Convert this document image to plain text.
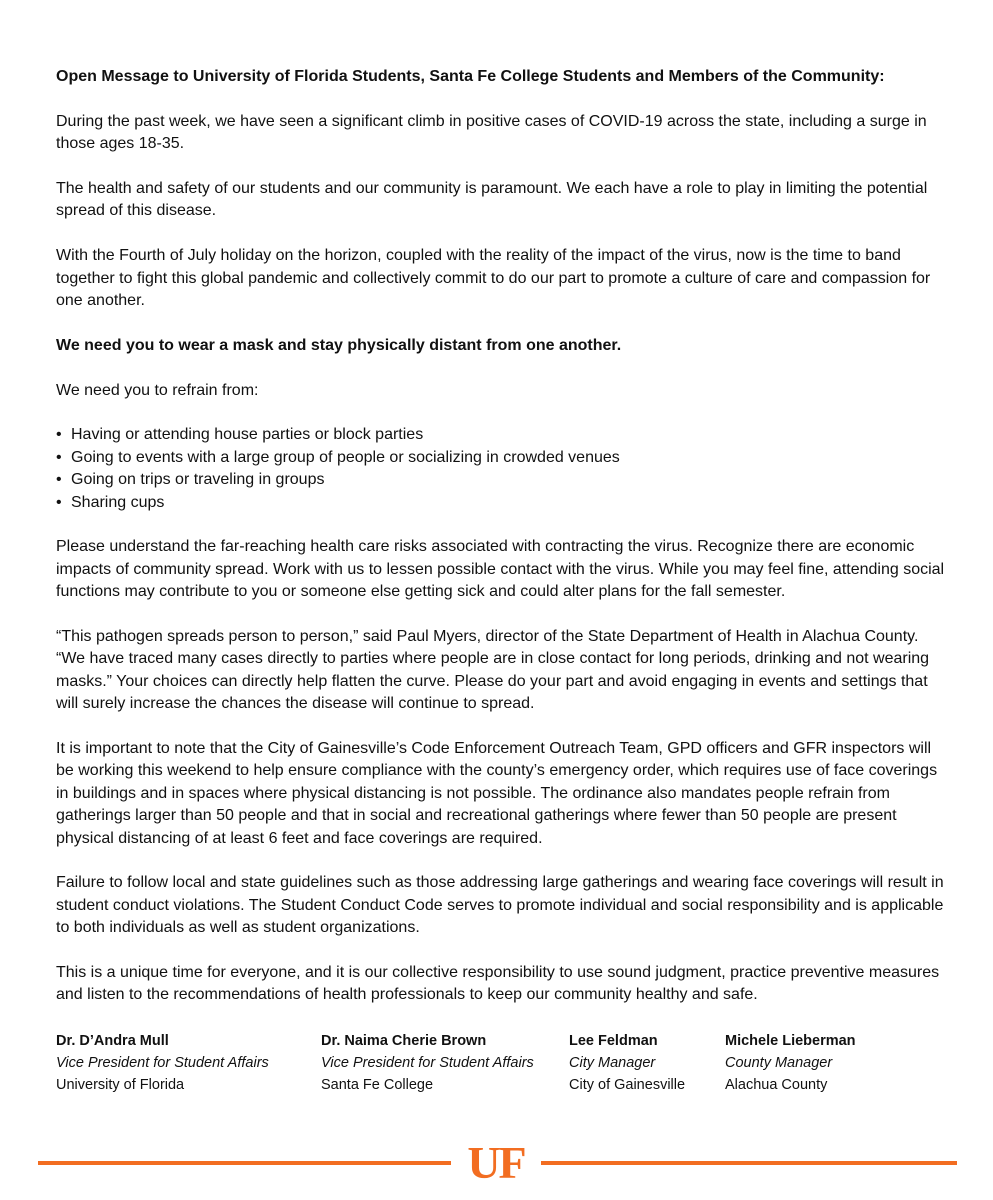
Open Message to University of Florida Students, Santa Fe College Students and Members of the Community:

During the past week, we have seen a significant climb in positive cases of COVID-19 across the state, including a surge in those ages 18-35.

The health and safety of our students and our community is paramount. We each have a role to play in limiting the potential spread of this disease.

With the Fourth of July holiday on the horizon, coupled with the reality of the impact of the virus, now is the time to band together to fight this global pandemic and collectively commit to do our part to promote a culture of care and compassion for one another.

We need you to wear a mask and stay physically distant from one another.

We need you to refrain from:

• Having or attending house parties or block parties
• Going to events with a large group of people or socializing in crowded venues
• Going on trips or traveling in groups
• Sharing cups

Please understand the far-reaching health care risks associated with contracting the virus. Recognize there are economic impacts of community spread. Work with us to lessen possible contact with the virus. While you may feel fine, attending social functions may contribute to you or someone else getting sick and could alter plans for the fall semester.

“This pathogen spreads person to person,” said Paul Myers, director of the State Department of Health in Alachua County. “We have traced many cases directly to parties where people are in close contact for long periods, drinking and not wearing masks.” Your choices can directly help flatten the curve. Please do your part and avoid engaging in events and settings that will surely increase the chances the disease will continue to spread.

It is important to note that the City of Gainesville’s Code Enforcement Outreach Team, GPD officers and GFR inspectors will be working this weekend to help ensure compliance with the county’s emergency order, which requires use of face coverings in buildings and in spaces where physical distancing is not possible. The ordinance also mandates people refrain from gatherings larger than 50 people and that in social and recreational gatherings where fewer than 50 people are present physical distancing of at least 6 feet and face coverings are required.

Failure to follow local and state guidelines such as those addressing large gatherings and wearing face coverings will result in student conduct violations. The Student Conduct Code serves to promote individual and social responsibility and is applicable to both individuals as well as student organizations.

This is a unique time for everyone, and it is our collective responsibility to use sound judgment, practice preventive measures and listen to the recommendations of health professionals to keep our community healthy and safe.

Dr. D’Andra Mull
Vice President for Student Affairs
University of Florida
Dr. Naima Cherie Brown
Vice President for Student Affairs
Santa Fe College
Lee Feldman
City Manager
City of Gainesville
Michele Lieberman
County Manager
Alachua County
UF
